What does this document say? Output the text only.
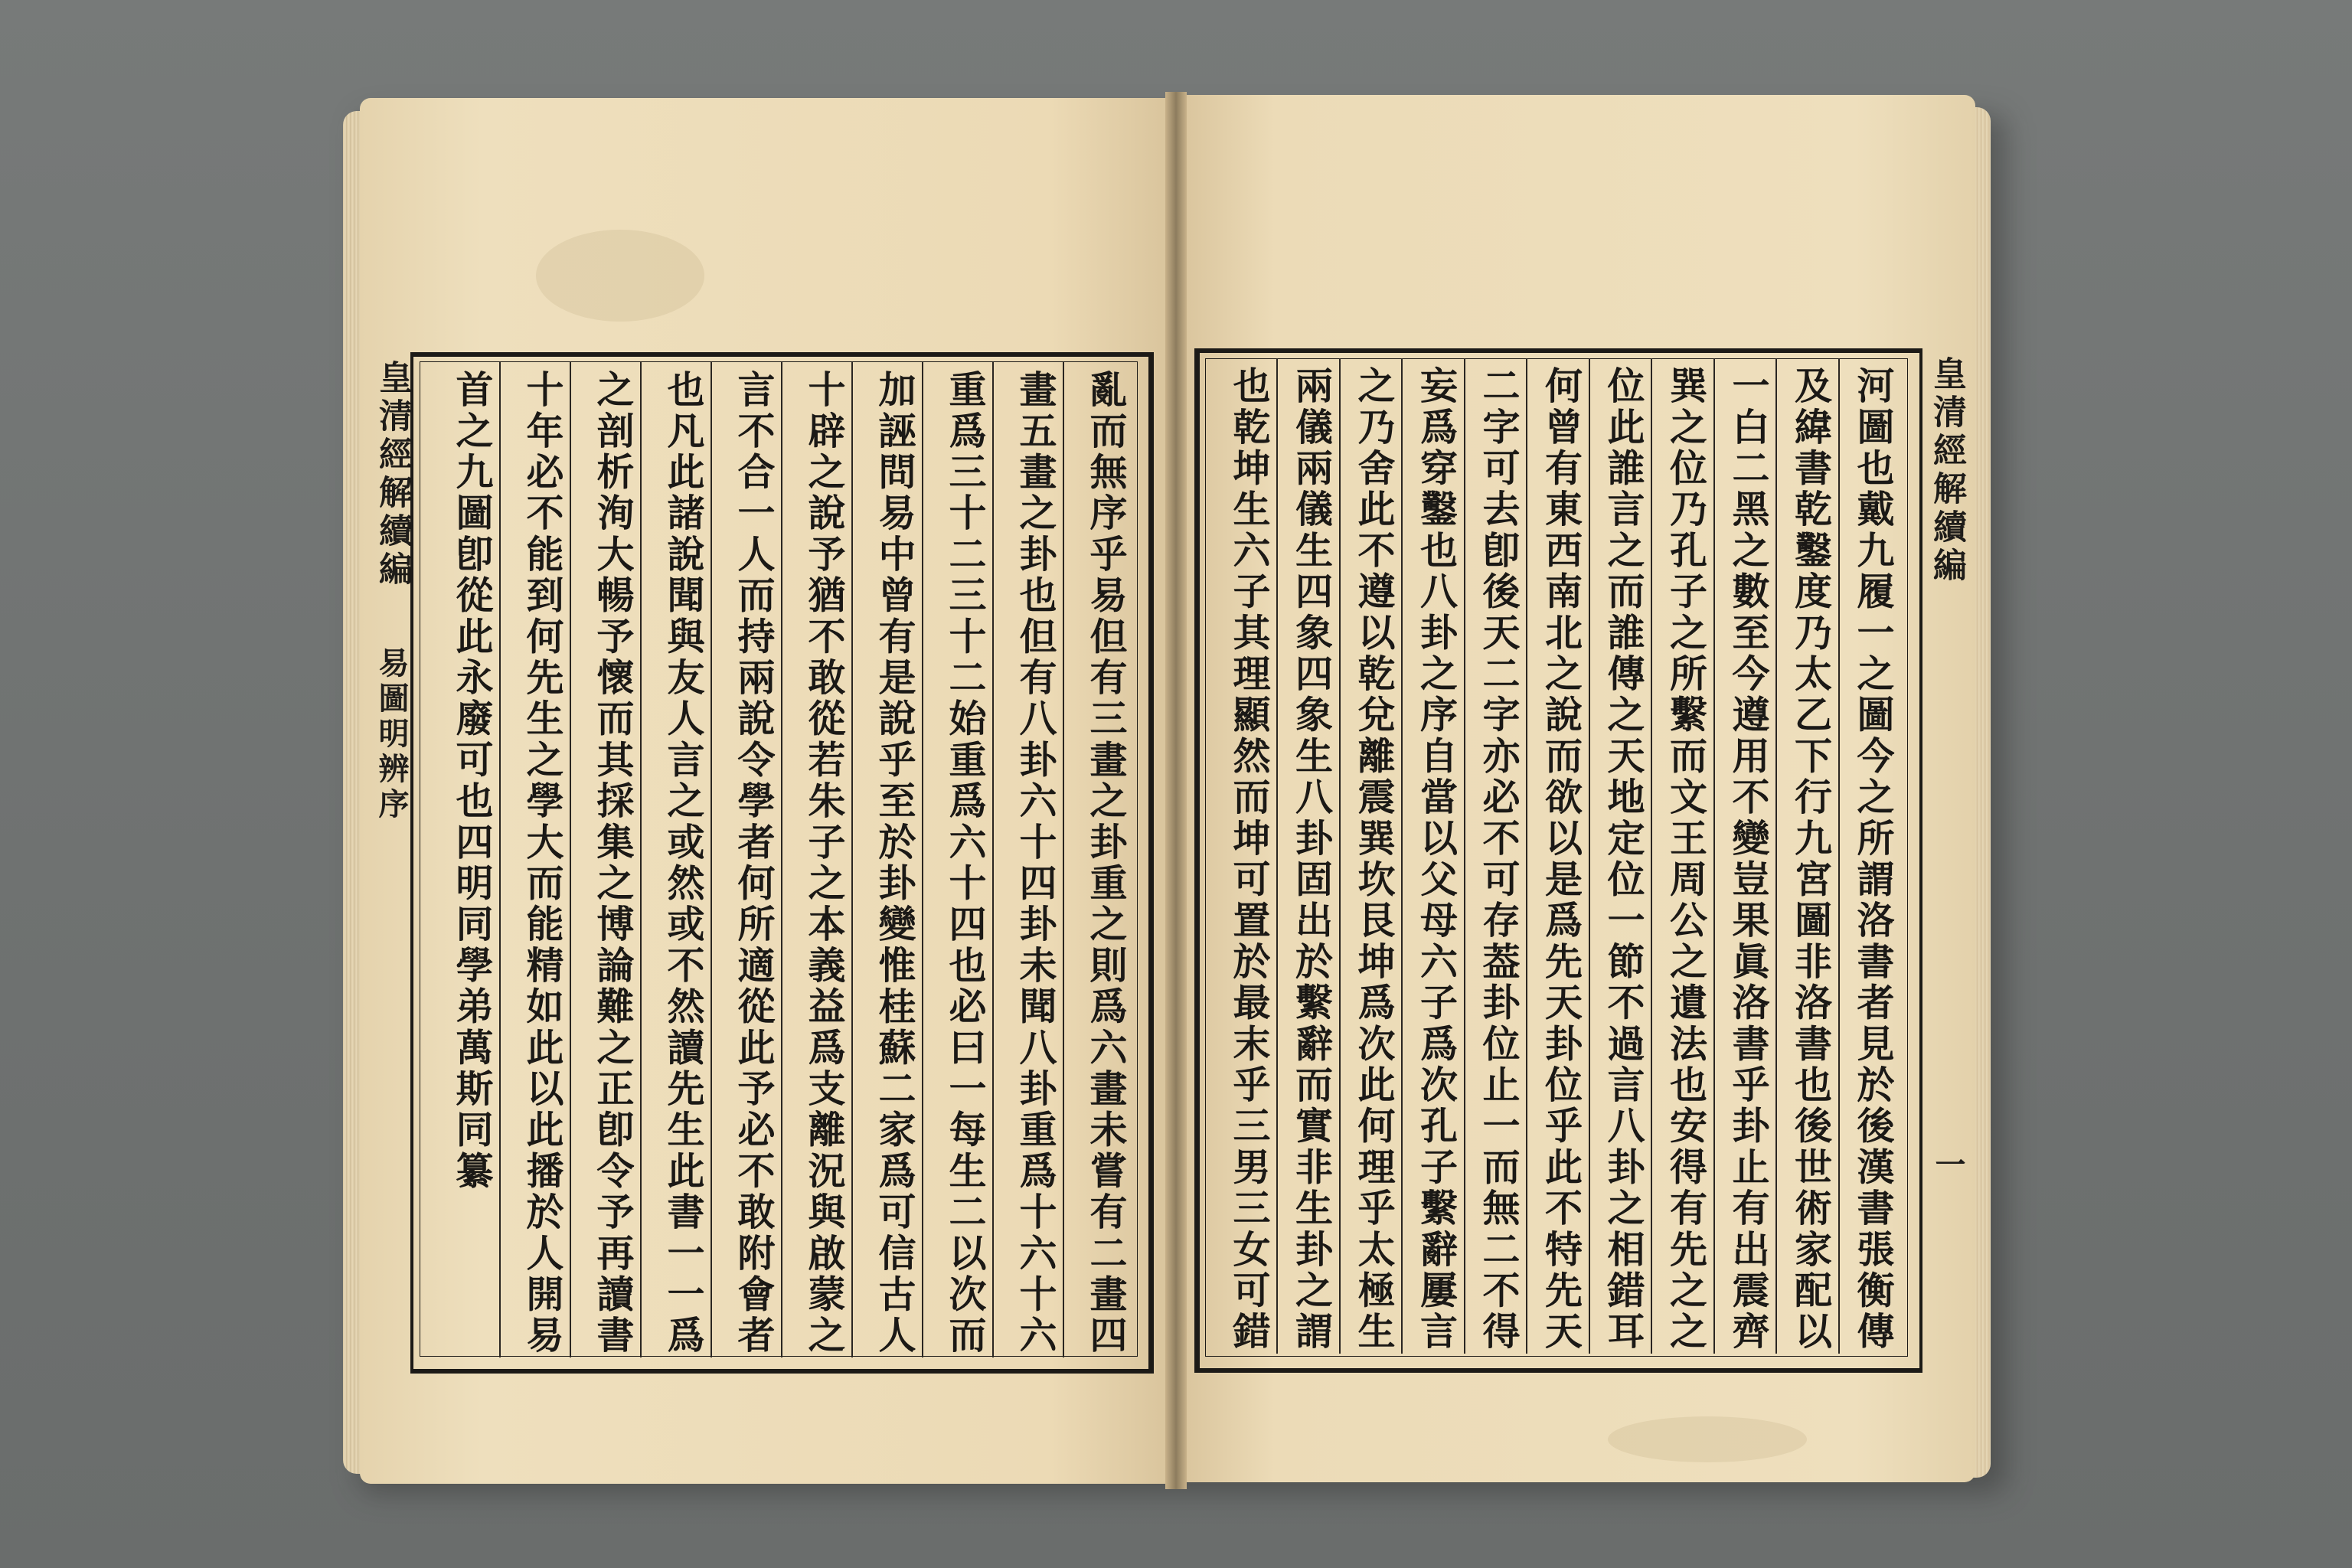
皇清經解續編
易圖明辨序
皇清經解續編
一
亂而無序乎易但有三畫之卦重之則爲六畫未嘗有二畫四
畫五畫之卦也但有八卦六十四卦未聞八卦重爲十六十六
重爲三十二三十二始重爲六十四也必曰一每生二以次而
加誣問易中曾有是說乎至於卦變惟桂蘇二家爲可信古人
十辟之說予猶不敢從若朱子之本義益爲支離況與啟蒙之
言不合一人而持兩說令學者何所適從此予必不敢附會者
也凡此諸說聞與友人言之或然或不然讀先生此書一一爲
之剖析洵大暢予懷而其採集之博論難之正卽令予再讀書
十年必不能到何先生之學大而能精如此以此播於人開易
首之九圖卽從此永廢可也四明同學弟萬斯同纂	河圖也戴九履一之圖今之所謂洛書者見於後漢書張衡傳
及緯書乾鑿度乃太乙下行九宮圖非洛書也後世術家配以
一白二黑之數至今遵用不變豈果眞洛書乎卦止有出震齊
巽之位乃孔子之所繫而文王周公之遺法也安得有先之之
位此誰言之而誰傳之天地定位一節不過言八卦之相錯耳
何曾有東西南北之說而欲以是爲先天卦位乎此不特先天
二字可去卽後天二字亦必不可存葢卦位止一而無二不得
妄爲穿鑿也八卦之序自當以父母六子爲次孔子繫辭屢言
之乃舍此不遵以乾兌離震巽坎艮坤爲次此何理乎太極生
兩儀兩儀生四象四象生八卦固出於繫辭而實非生卦之謂
也乾坤生六子其理顯然而坤可置於最末乎三男三女可錯
